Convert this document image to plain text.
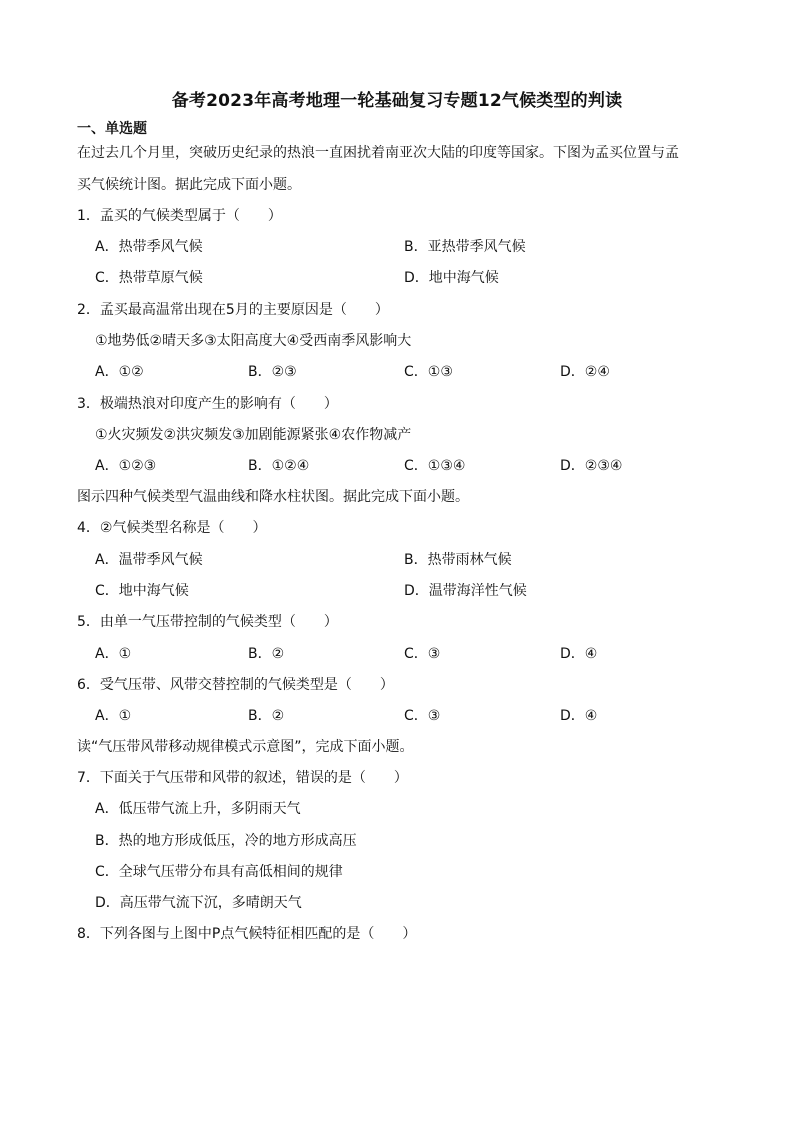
备考2023年高考地理一轮基础复习专题12气候类型的判读
一、单选题
在过去几个月里，突破历史纪录的热浪一直困扰着南亚次大陆的印度等国家。下图为孟买位置与孟
买气候统计图。据此完成下面小题。
1．孟买的气候类型属于（　　）
A．热带季风气候	B．亚热带季风气候
C．热带草原气候	D．地中海气候
2．孟买最高温常出现在5月的主要原因是（　　）
①地势低②晴天多③太阳高度大④受西南季风影响大
A．①②	B．②③	C．①③	D．②④
3．极端热浪对印度产生的影响有（　　）
①火灾频发②洪灾频发③加剧能源紧张④农作物减产
A．①②③	B．①②④	C．①③④	D．②③④
图示四种气候类型气温曲线和降水柱状图。据此完成下面小题。
4．②气候类型名称是（　　）
A．温带季风气候	B．热带雨林气候
C．地中海气候	D．温带海洋性气候
5．由单一气压带控制的气候类型（　　）
A．①	B．②	C．③	D．④
6．受气压带、风带交替控制的气候类型是（　　）
A．①	B．②	C．③	D．④
读“气压带风带移动规律模式示意图”，完成下面小题。
7．下面关于气压带和风带的叙述，错误的是（　　）
A．低压带气流上升，多阴雨天气
B．热的地方形成低压，冷的地方形成高压
C．全球气压带分布具有高低相间的规律
D．高压带气流下沉，多晴朗天气
8．下列各图与上图中P点气候特征相匹配的是（　　）
